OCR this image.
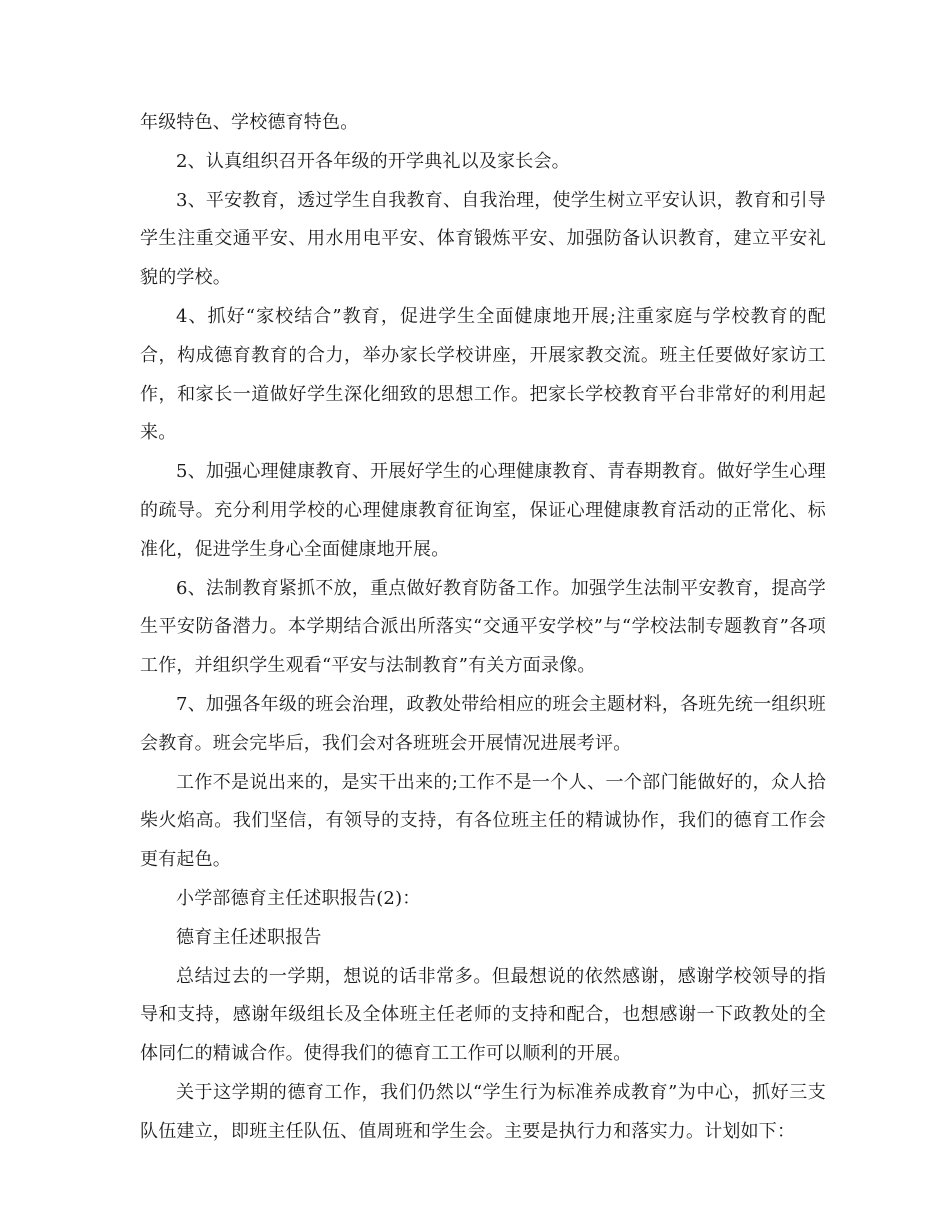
年级特色、学校德育特色。

2、认真组织召开各年级的开学典礼以及家长会。

3、平安教育，透过学生自我教育、自我治理，使学生树立平安认识，教育和引导学生注重交通平安、用水用电平安、体育锻炼平安、加强防备认识教育，建立平安礼貌的学校。

4、抓好“家校结合”教育，促进学生全面健康地开展;注重家庭与学校教育的配合，构成德育教育的合力，举办家长学校讲座，开展家教交流。班主任要做好家访工作，和家长一道做好学生深化细致的思想工作。把家长学校教育平台非常好的利用起来。

5、加强心理健康教育、开展好学生的心理健康教育、青春期教育。做好学生心理的疏导。充分利用学校的心理健康教育征询室，保证心理健康教育活动的正常化、标准化，促进学生身心全面健康地开展。

6、法制教育紧抓不放，重点做好教育防备工作。加强学生法制平安教育，提高学生平安防备潜力。本学期结合派出所落实“交通平安学校”与“学校法制专题教育”各项工作，并组织学生观看“平安与法制教育”有关方面录像。

7、加强各年级的班会治理，政教处带给相应的班会主题材料，各班先统一组织班会教育。班会完毕后，我们会对各班班会开展情况进展考评。

工作不是说出来的，是实干出来的;工作不是一个人、一个部门能做好的，众人拾柴火焰高。我们坚信，有领导的支持，有各位班主任的精诚协作，我们的德育工作会更有起色。

小学部德育主任述职报告(2)：

德育主任述职报告

总结过去的一学期，想说的话非常多。但最想说的依然感谢，感谢学校领导的指导和支持，感谢年级组长及全体班主任老师的支持和配合，也想感谢一下政教处的全体同仁的精诚合作。使得我们的德育工工作可以顺利的开展。

关于这学期的德育工作，我们仍然以“学生行为标准养成教育”为中心，抓好三支队伍建立，即班主任队伍、值周班和学生会。主要是执行力和落实力。计划如下：
